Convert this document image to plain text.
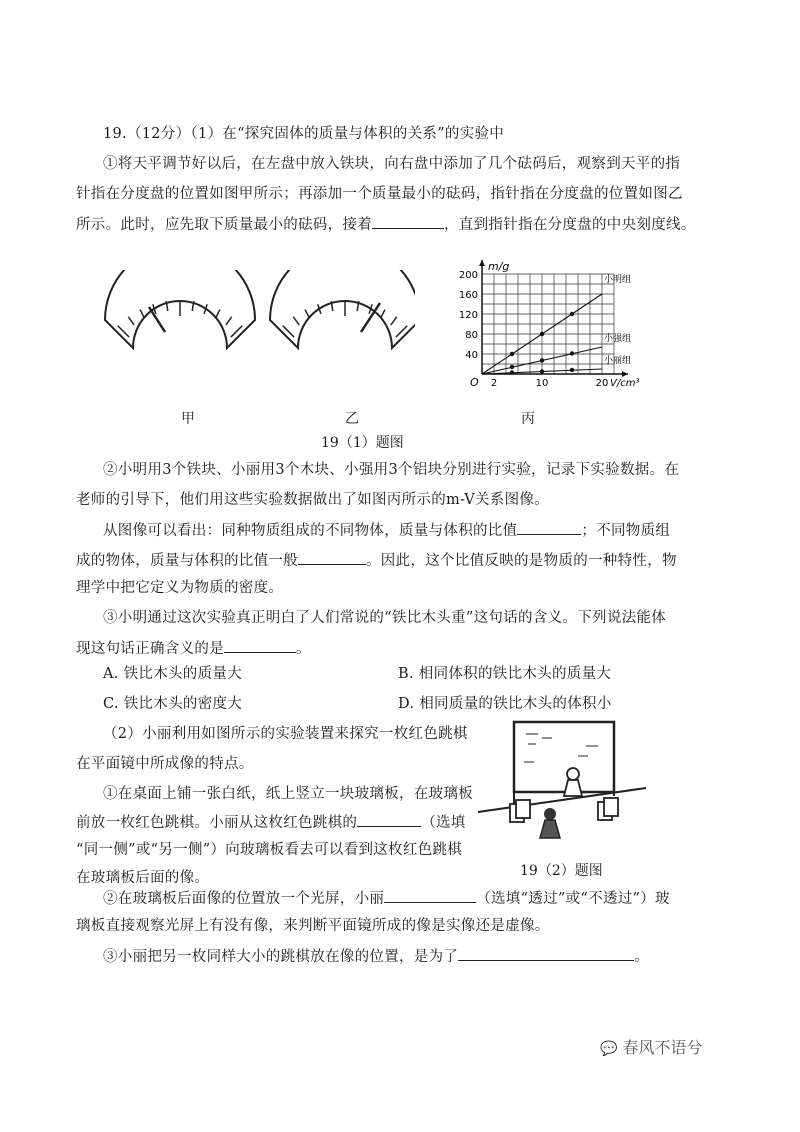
19.（12分）（1）在“探究固体的质量与体积的关系”的实验中
①将天平调节好以后，在左盘中放入铁块，向右盘中添加了几个砝码后，观察到天平的指
针指在分度盘的位置如图甲所示；再添加一个质量最小的砝码，指针指在分度盘的位置如图乙
所示。此时，应先取下质量最小的砝码，接着	，直到指针指在分度盘的中央刻度线。
m/g
V/cm³
O
小明组
小强组
小丽组
40
80
120
160
200
2	10	20
甲	乙	丙
19（1）题图
②小明用3个铁块、小丽用3个木块、小强用3个铝块分别进行实验，记录下实验数据。在
老师的引导下，他们用这些实验数据做出了如图丙所示的m-V关系图像。
从图像可以看出：同种物质组成的不同物体，质量与体积的比值	；不同物质组
成的物体，质量与体积的比值一般	。因此，这个比值反映的是物质的一种特性，物
理学中把它定义为物质的密度。
③小明通过这次实验真正明白了人们常说的“铁比木头重”这句话的含义。下列说法能体
现这句话正确含义的是	。
A. 铁比木头的质量大	B. 相同体积的铁比木头的质量大
C. 铁比木头的密度大	D. 相同质量的铁比木头的体积小
（2）小丽利用如图所示的实验装置来探究一枚红色跳棋
在平面镜中所成像的特点。
①在桌面上铺一张白纸，纸上竖立一块玻璃板，在玻璃板
前放一枚红色跳棋。小丽从这枚红色跳棋的	（选填
“同一侧”或“另一侧”）向玻璃板看去可以看到这枚红色跳棋
在玻璃板后面的像。	19（2）题图
②在玻璃板后面像的位置放一个光屏，小丽	（选填“透过”或“不透过”）玻
璃板直接观察光屏上有没有像，来判断平面镜所成的像是实像还是虚像。
③小丽把另一枚同样大小的跳棋放在像的位置，是为了	。
💬 春风不语兮
